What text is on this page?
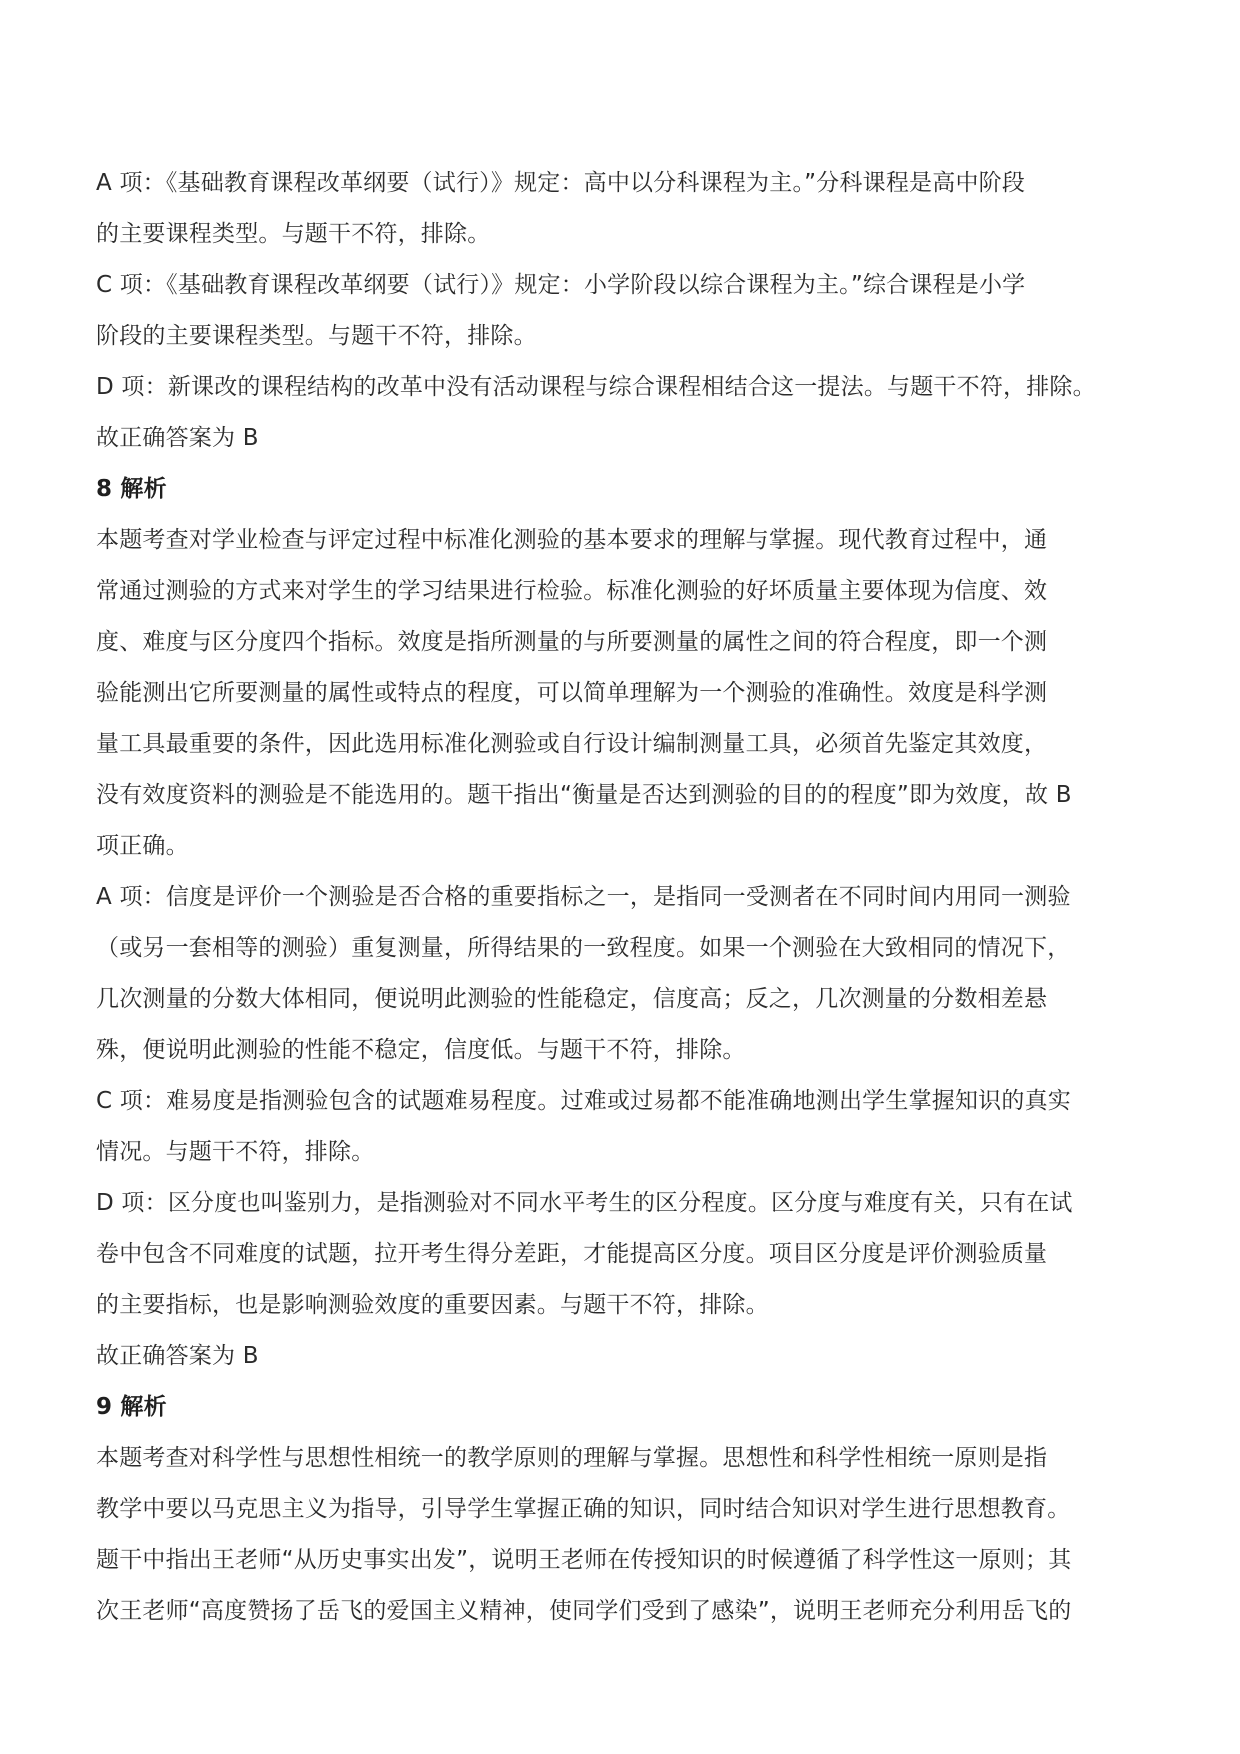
A 项：《基础教育课程改革纲要（试行）》规定：高中以分科课程为主。”分科课程是高中阶段
的主要课程类型。与题干不符，排除。
C 项：《基础教育课程改革纲要（试行）》规定：小学阶段以综合课程为主。”综合课程是小学
阶段的主要课程类型。与题干不符，排除。
D 项：新课改的课程结构的改革中没有活动课程与综合课程相结合这一提法。与题干不符，排除。
故正确答案为 B
8 解析
本题考查对学业检查与评定过程中标准化测验的基本要求的理解与掌握。现代教育过程中，通
常通过测验的方式来对学生的学习结果进行检验。标准化测验的好坏质量主要体现为信度、效
度、难度与区分度四个指标。效度是指所测量的与所要测量的属性之间的符合程度，即一个测
验能测出它所要测量的属性或特点的程度，可以简单理解为一个测验的准确性。效度是科学测
量工具最重要的条件，因此选用标准化测验或自行设计编制测量工具，必须首先鉴定其效度，
没有效度资料的测验是不能选用的。题干指出“衡量是否达到测验的目的的程度”即为效度，故 B
项正确。
A 项：信度是评价一个测验是否合格的重要指标之一，是指同一受测者在不同时间内用同一测验
（或另一套相等的测验）重复测量，所得结果的一致程度。如果一个测验在大致相同的情况下，
几次测量的分数大体相同，便说明此测验的性能稳定，信度高；反之，几次测量的分数相差悬
殊，便说明此测验的性能不稳定，信度低。与题干不符，排除。
C 项：难易度是指测验包含的试题难易程度。过难或过易都不能准确地测出学生掌握知识的真实
情况。与题干不符，排除。
D 项：区分度也叫鉴别力，是指测验对不同水平考生的区分程度。区分度与难度有关，只有在试
卷中包含不同难度的试题，拉开考生得分差距，才能提高区分度。项目区分度是评价测验质量
的主要指标，也是影响测验效度的重要因素。与题干不符，排除。
故正确答案为 B
9 解析
本题考查对科学性与思想性相统一的教学原则的理解与掌握。思想性和科学性相统一原则是指
教学中要以马克思主义为指导，引导学生掌握正确的知识，同时结合知识对学生进行思想教育。
题干中指出王老师“从历史事实出发”，说明王老师在传授知识的时候遵循了科学性这一原则；其
次王老师“高度赞扬了岳飞的爱国主义精神，使同学们受到了感染”，说明王老师充分利用岳飞的
